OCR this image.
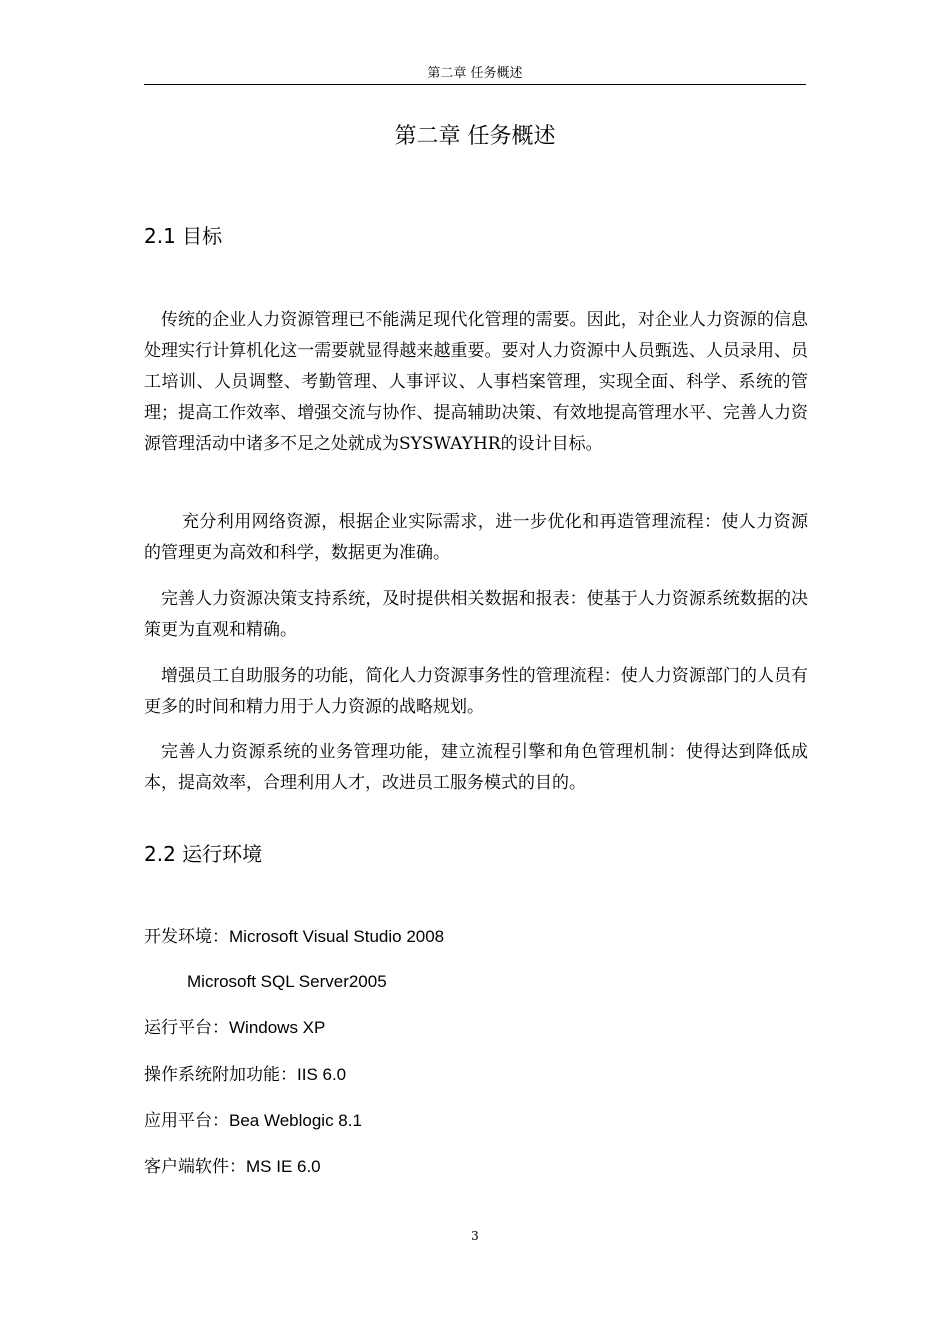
第二章 任务概述
第二章 任务概述
2.1 目标

传统的企业人力资源管理已不能满足现代化管理的需要。因此，对企业人力资源的信息处理实行计算机化这一需要就显得越来越重要。要对人力资源中人员甄选、人员录用、员工培训、人员调整、考勤管理、人事评议、人事档案管理，实现全面、科学、系统的管理；提高工作效率、增强交流与协作、提高辅助决策、有效地提高管理水平、完善人力资源管理活动中诸多不足之处就成为SYSWAYHR的设计目标。

充分利用网络资源，根据企业实际需求，进一步优化和再造管理流程：使人力资源的管理更为高效和科学，数据更为准确。

完善人力资源决策支持系统，及时提供相关数据和报表：使基于人力资源系统数据的决策更为直观和精确。

增强员工自助服务的功能，简化人力资源事务性的管理流程：使人力资源部门的人员有更多的时间和精力用于人力资源的战略规划。

完善人力资源系统的业务管理功能，建立流程引擎和角色管理机制：使得达到降低成本，提高效率，合理利用人才，改进员工服务模式的目的。

2.2 运行环境
开发环境：Microsoft Visual Studio 2008
Microsoft SQL Server2005
运行平台：Windows XP
操作系统附加功能：IIS 6.0
应用平台：Bea Weblogic 8.1
客户端软件：MS IE 6.0
3
